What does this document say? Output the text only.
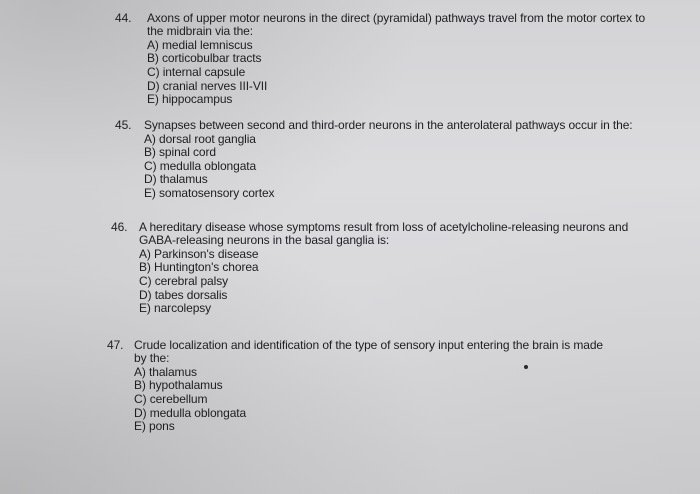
44. Axons of upper motor neurons in the direct (pyramidal) pathways travel from the motor cortex to
the midbrain via the:
A) medial lemniscus
B) corticobulbar tracts
C) internal capsule
D) cranial nerves III-VII
E) hippocampus
45. Synapses between second and third-order neurons in the anterolateral pathways occur in the:
A) dorsal root ganglia
B) spinal cord
C) medulla oblongata
D) thalamus
E) somatosensory cortex
46. A hereditary disease whose symptoms result from loss of acetylcholine-releasing neurons and
GABA-releasing neurons in the basal ganglia is:
A) Parkinson's disease
B) Huntington's chorea
C) cerebral palsy
D) tabes dorsalis
E) narcolepsy
47. Crude localization and identification of the type of sensory input entering the brain is made
by the:
A) thalamus
B) hypothalamus
C) cerebellum
D) medulla oblongata
E) pons
